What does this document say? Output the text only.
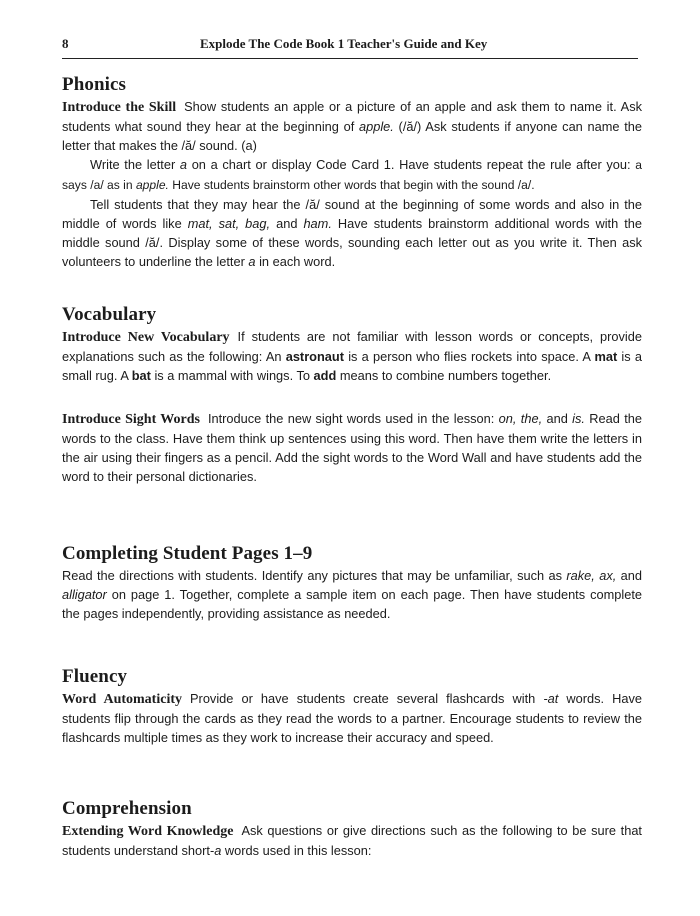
8	Explode The Code Book 1 Teacher's Guide and Key
Phonics

Introduce the Skill Show students an apple or a picture of an apple and ask them to name it. Ask students what sound they hear at the beginning of apple. (/ă/) Ask students if anyone can name the letter that makes the /ă/ sound. (a)

Write the letter a on a chart or display Code Card 1. Have students repeat the rule after you: a says /a/ as in apple. Have students brainstorm other words that begin with the sound /a/.

Tell students that they may hear the /ă/ sound at the beginning of some words and also in the middle of words like mat, sat, bag, and ham. Have students brainstorm additional words with the middle sound /ă/. Display some of these words, sounding each letter out as you write it. Then ask volunteers to underline the letter a in each word.

Vocabulary

Introduce New Vocabulary If students are not familiar with lesson words or concepts, provide explanations such as the following: An astronaut is a person who flies rockets into space. A mat is a small rug. A bat is a mammal with wings. To add means to combine numbers together.

Introduce Sight Words Introduce the new sight words used in the lesson: on, the, and is. Read the words to the class. Have them think up sentences using this word. Then have them write the letters in the air using their fingers as a pencil. Add the sight words to the Word Wall and have students add the word to their personal dictionaries.

Completing Student Pages 1–9

Read the directions with students. Identify any pictures that may be unfamiliar, such as rake, ax, and alligator on page 1. Together, complete a sample item on each page. Then have students complete the pages independently, providing assistance as needed.

Fluency

Word Automaticity Provide or have students create several flashcards with -at words. Have students flip through the cards as they read the words to a partner. Encourage students to review the flashcards multiple times as they work to increase their accuracy and speed.

Comprehension

Extending Word Knowledge Ask questions or give directions such as the following to be sure that students understand short-a words used in this lesson:
